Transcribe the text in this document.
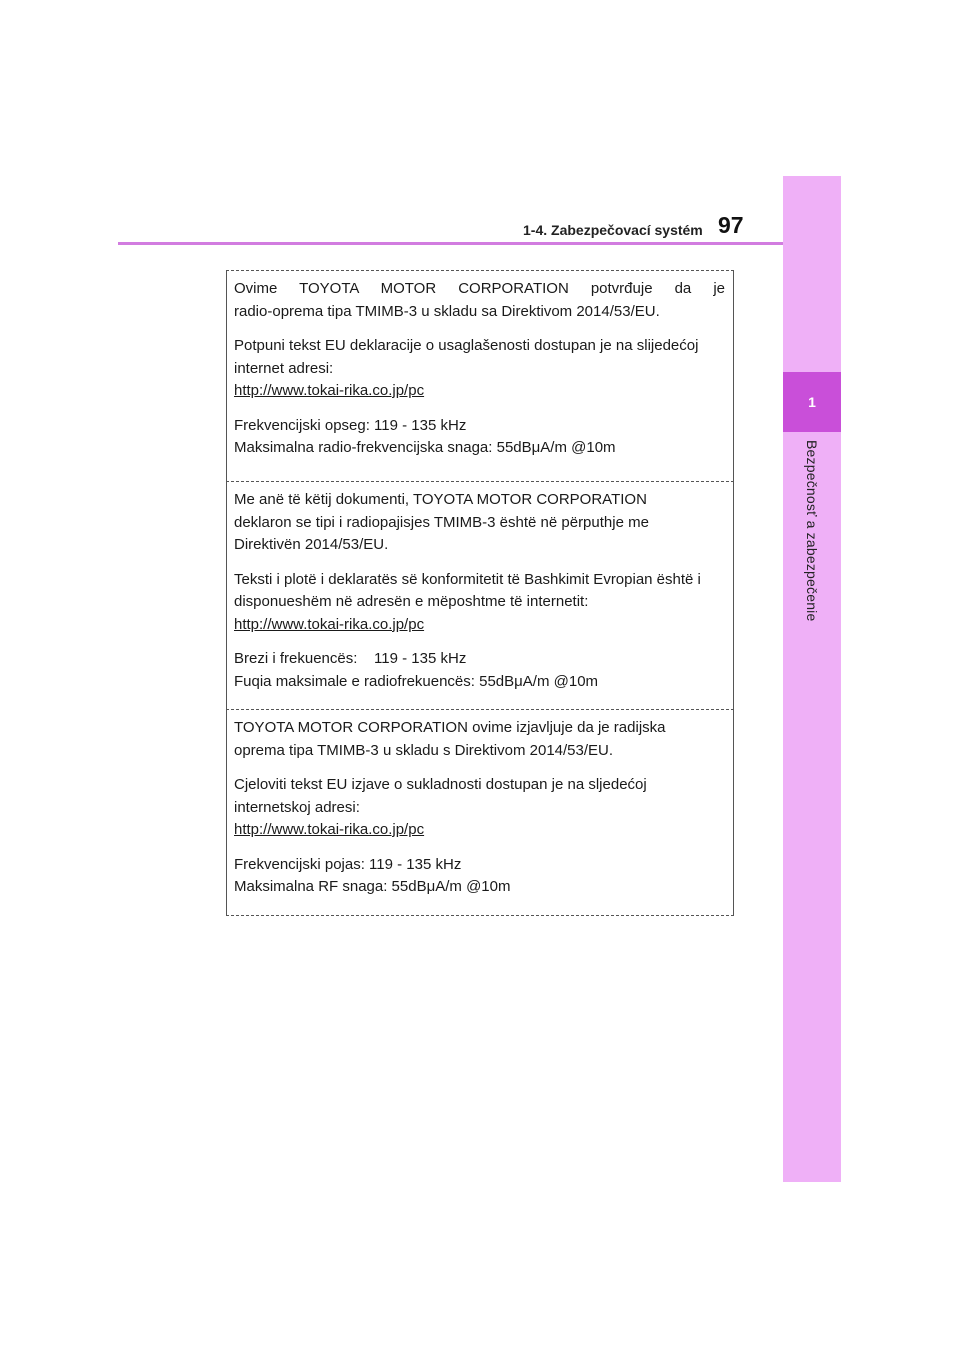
1
Bezpečnosť a zabezpečenie
1-4. Zabezpečovací systém 97

Ovime TOYOTA MOTOR CORPORATION potvrđuje da je

radio-oprema tipa TMIMB-3 u skladu sa Direktivom 2014/53/EU.

Potpuni tekst EU deklaracije o usaglašenosti dostupan je na slijedećoj

internet adresi:

http://www.tokai-rika.co.jp/pc

Frekvencijski opseg: 119 - 135 kHz

Maksimalna radio-frekvencijska snaga: 55dBμA/m @10m

Me anë të këtij dokumenti, TOYOTA MOTOR CORPORATION

deklaron se tipi i radiopajisjes TMIMB-3 është në përputhje me

Direktivën 2014/53/EU.

Teksti i plotë i deklaratës së konformitetit të Bashkimit Evropian është i

disponueshëm në adresën e mëposhtme të internetit:

http://www.tokai-rika.co.jp/pc

Brezi i frekuencës:    119 - 135 kHz

Fuqia maksimale e radiofrekuencës: 55dBμA/m @10m

TOYOTA MOTOR CORPORATION ovime izjavljuje da je radijska

oprema tipa TMIMB-3 u skladu s Direktivom 2014/53/EU.

Cjeloviti tekst EU izjave o sukladnosti dostupan je na sljedećoj

internetskoj adresi:

http://www.tokai-rika.co.jp/pc

Frekvencijski pojas: 119 - 135 kHz

Maksimalna RF snaga: 55dBμA/m @10m
